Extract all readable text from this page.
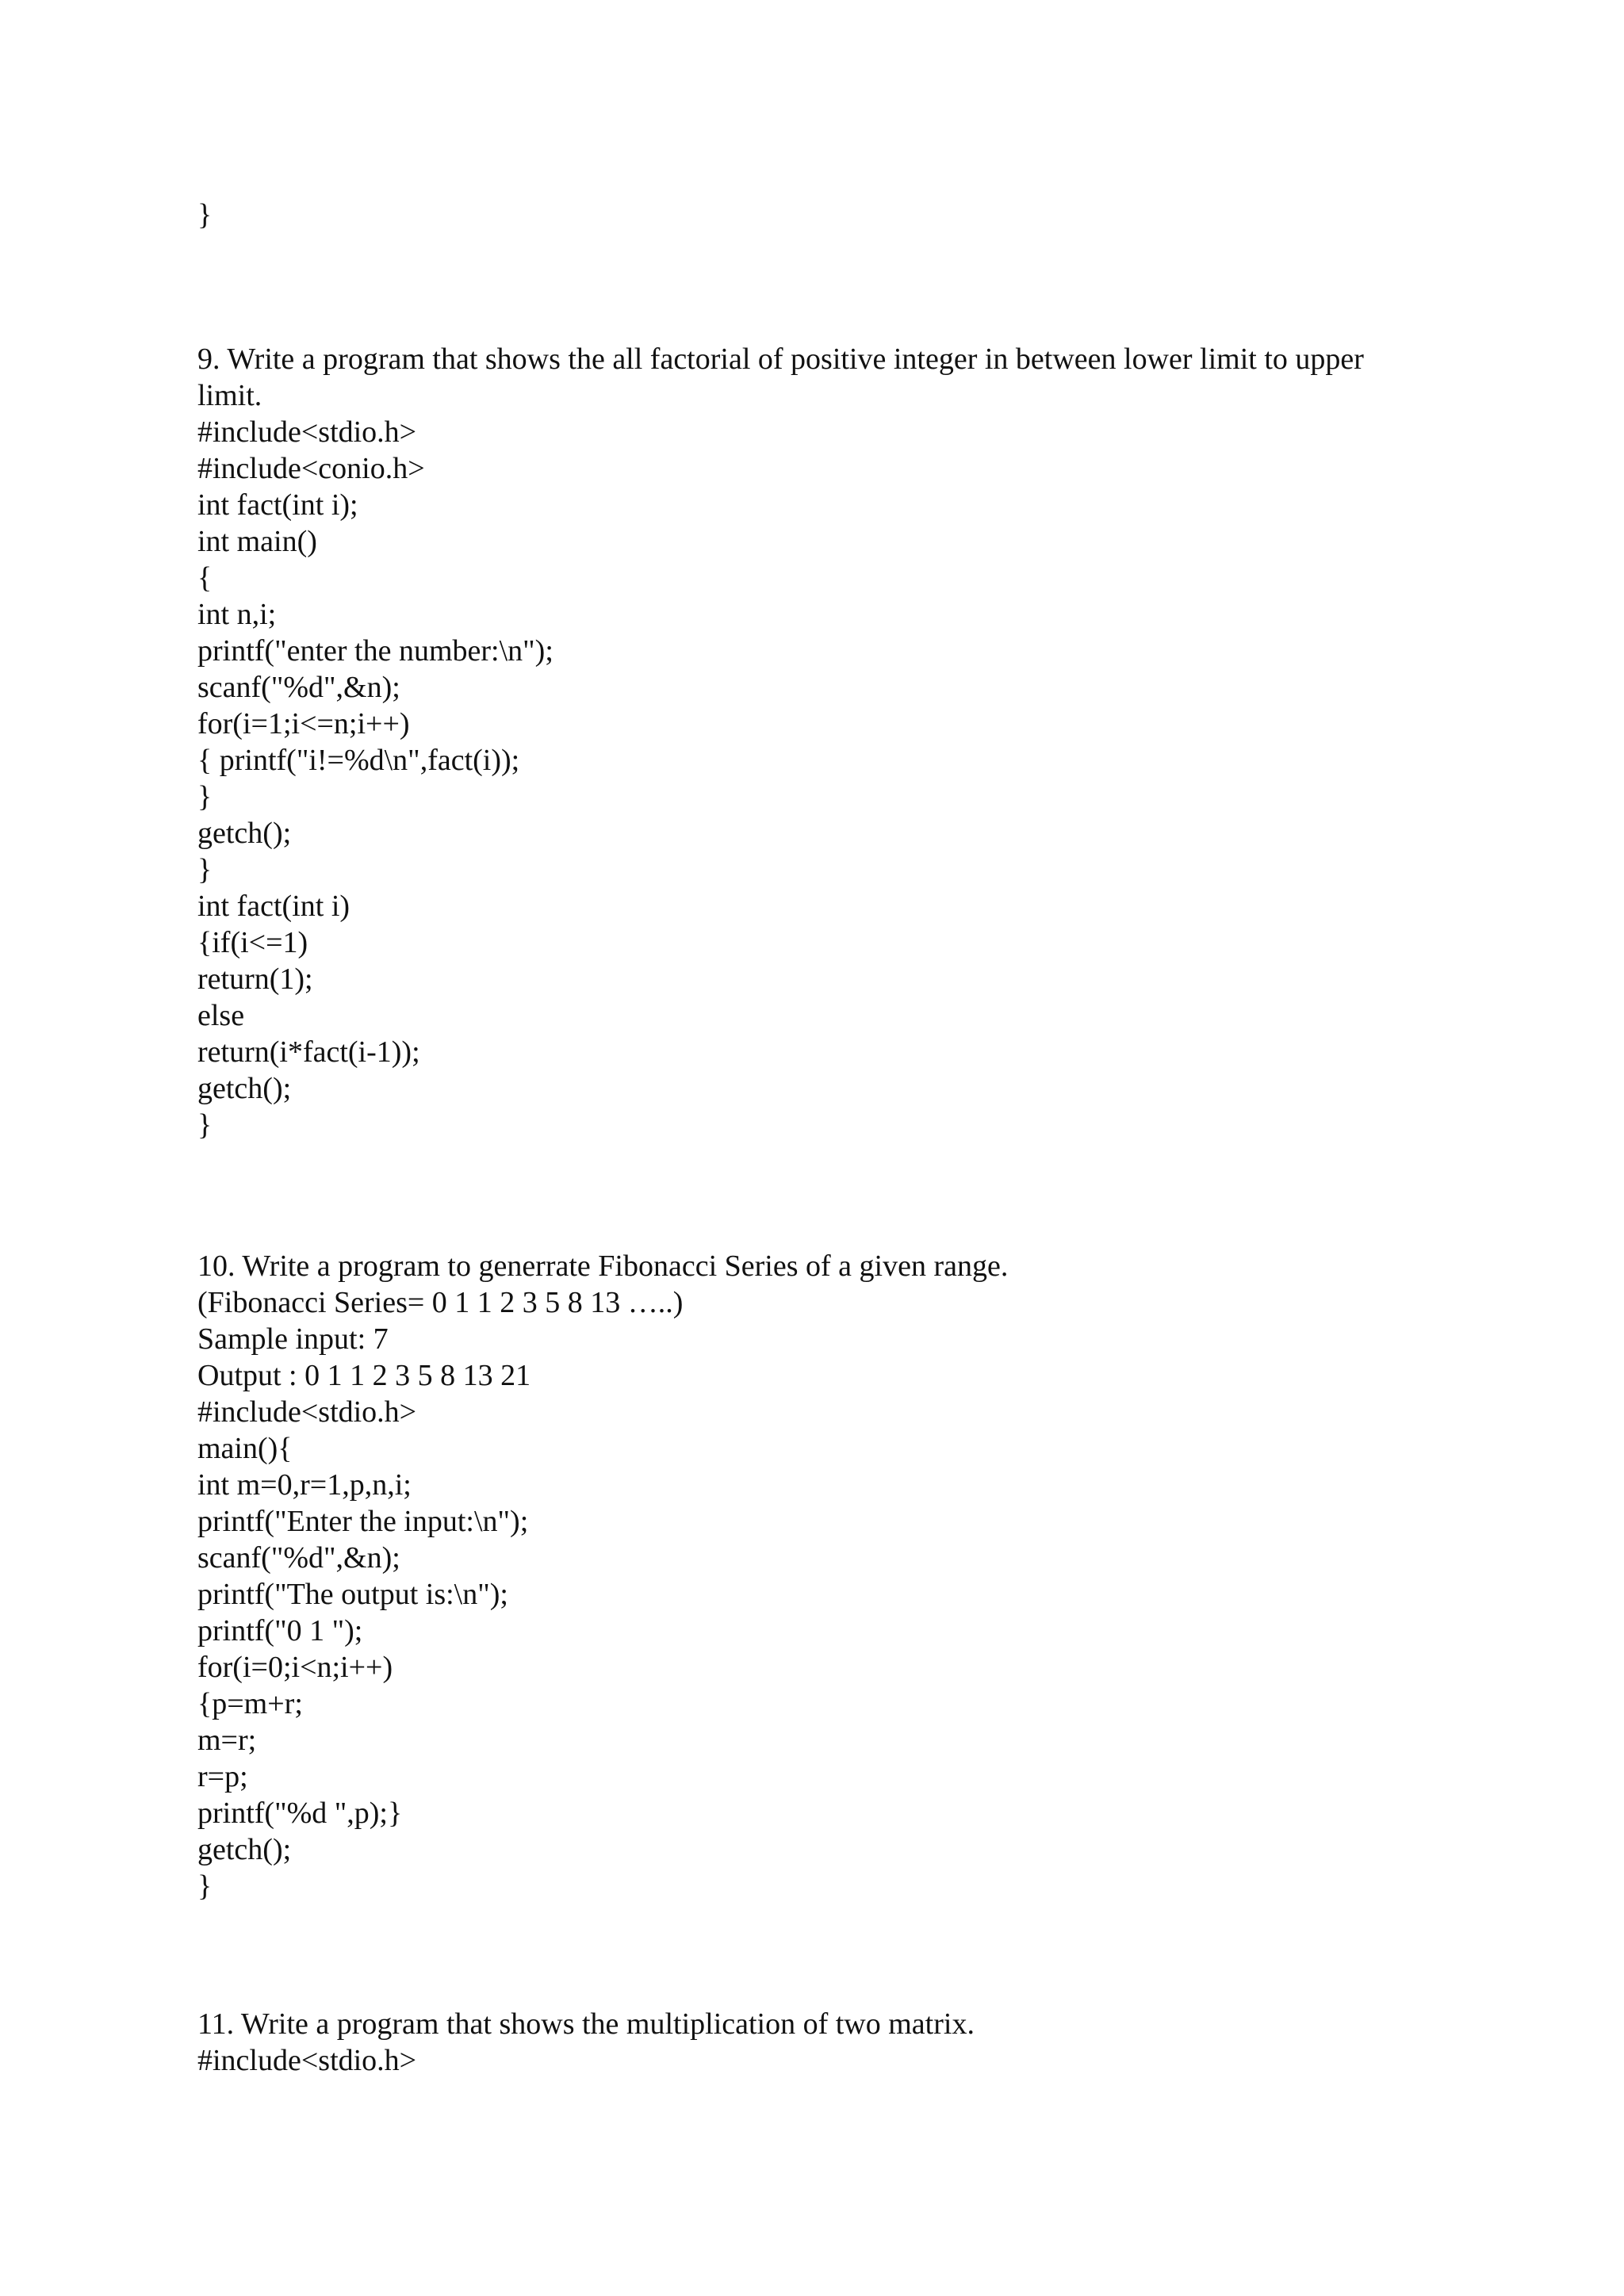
}

9. Write a program that shows the all factorial of positive integer in between lower limit to upper

limit.

#include<stdio.h>

#include<conio.h>

int fact(int i);

int main()

{

int n,i;

printf("enter the number:\n");

scanf("%d",&n);

for(i=1;i<=n;i++)

{ printf("i!=%d\n",fact(i));

}

getch();

}

int fact(int i)

{if(i<=1)

return(1);

else

return(i*fact(i-1));

getch();

}

10. Write a program to generrate Fibonacci Series of a given range.

(Fibonacci Series= 0 1 1 2 3 5 8 13 …..)

Sample input: 7

Output : 0 1 1 2 3 5 8 13 21

#include<stdio.h>

main(){

int m=0,r=1,p,n,i;

printf("Enter the input:\n");

scanf("%d",&n);

printf("The output is:\n");

printf("0 1 ");

for(i=0;i<n;i++)

{p=m+r;

m=r;

r=p;

printf("%d ",p);}

getch();

}

11. Write a program that shows the multiplication of two matrix.

#include<stdio.h>
